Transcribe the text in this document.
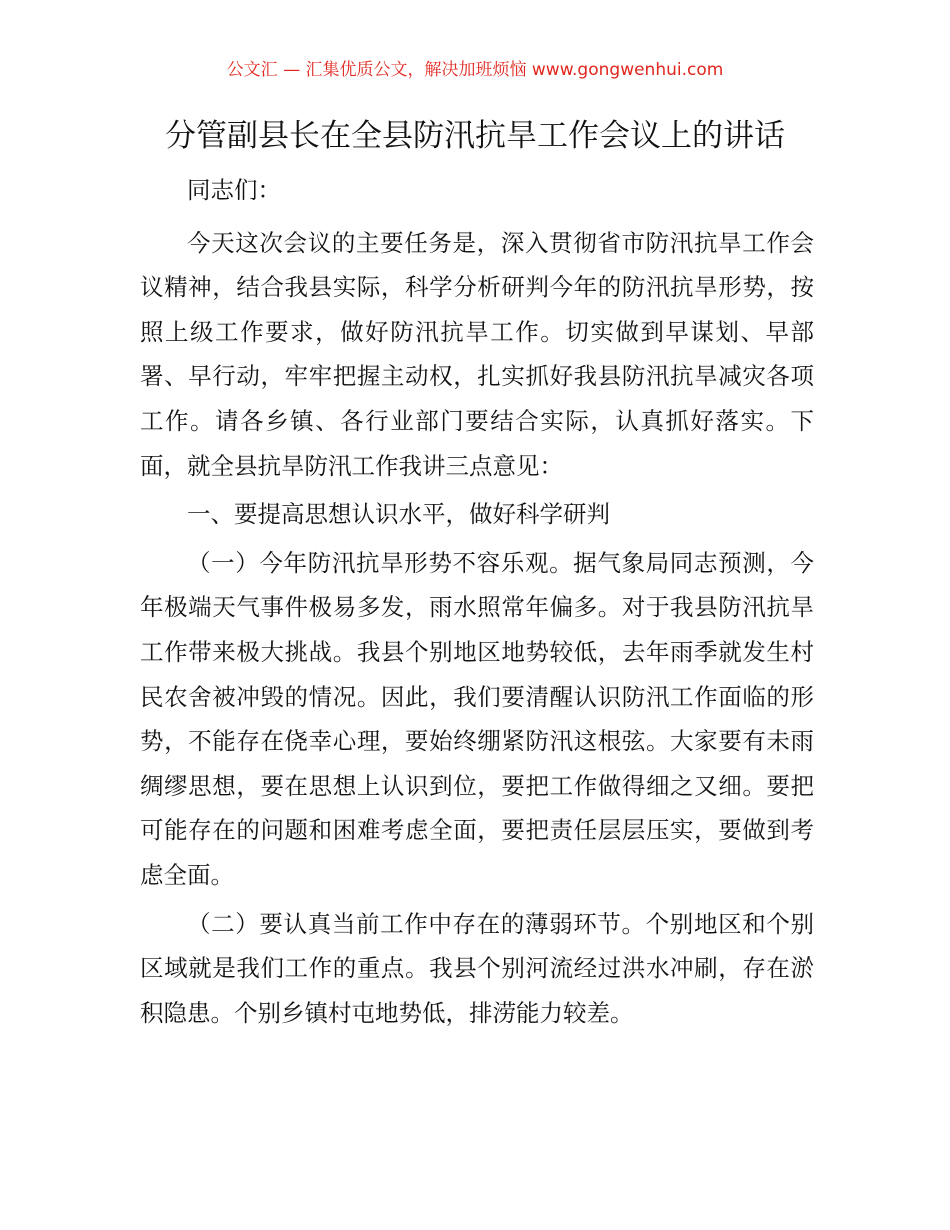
公文汇 — 汇集优质公文，解决加班烦恼 www.gongwenhui.com
分管副县长在全县防汛抗旱工作会议上的讲话

同志们：

今天这次会议的主要任务是，深入贯彻省市防汛抗旱工作会议精神，结合我县实际，科学分析研判今年的防汛抗旱形势，按照上级工作要求，做好防汛抗旱工作。切实做到早谋划、早部署、早行动，牢牢把握主动权，扎实抓好我县防汛抗旱减灾各项工作。请各乡镇、各行业部门要结合实际，认真抓好落实。下面，就全县抗旱防汛工作我讲三点意见：

一、要提高思想认识水平，做好科学研判

（一）今年防汛抗旱形势不容乐观。据气象局同志预测，今年极端天气事件极易多发，雨水照常年偏多。对于我县防汛抗旱工作带来极大挑战。我县个别地区地势较低，去年雨季就发生村民农舍被冲毁的情况。因此，我们要清醒认识防汛工作面临的形势，不能存在侥幸心理，要始终绷紧防汛这根弦。大家要有未雨绸缪思想，要在思想上认识到位，要把工作做得细之又细。要把可能存在的问题和困难考虑全面，要把责任层层压实，要做到考虑全面。

（二）要认真当前工作中存在的薄弱环节。个别地区和个别区域就是我们工作的重点。我县个别河流经过洪水冲刷，存在淤积隐患。个别乡镇村屯地势低，排涝能力较差。
